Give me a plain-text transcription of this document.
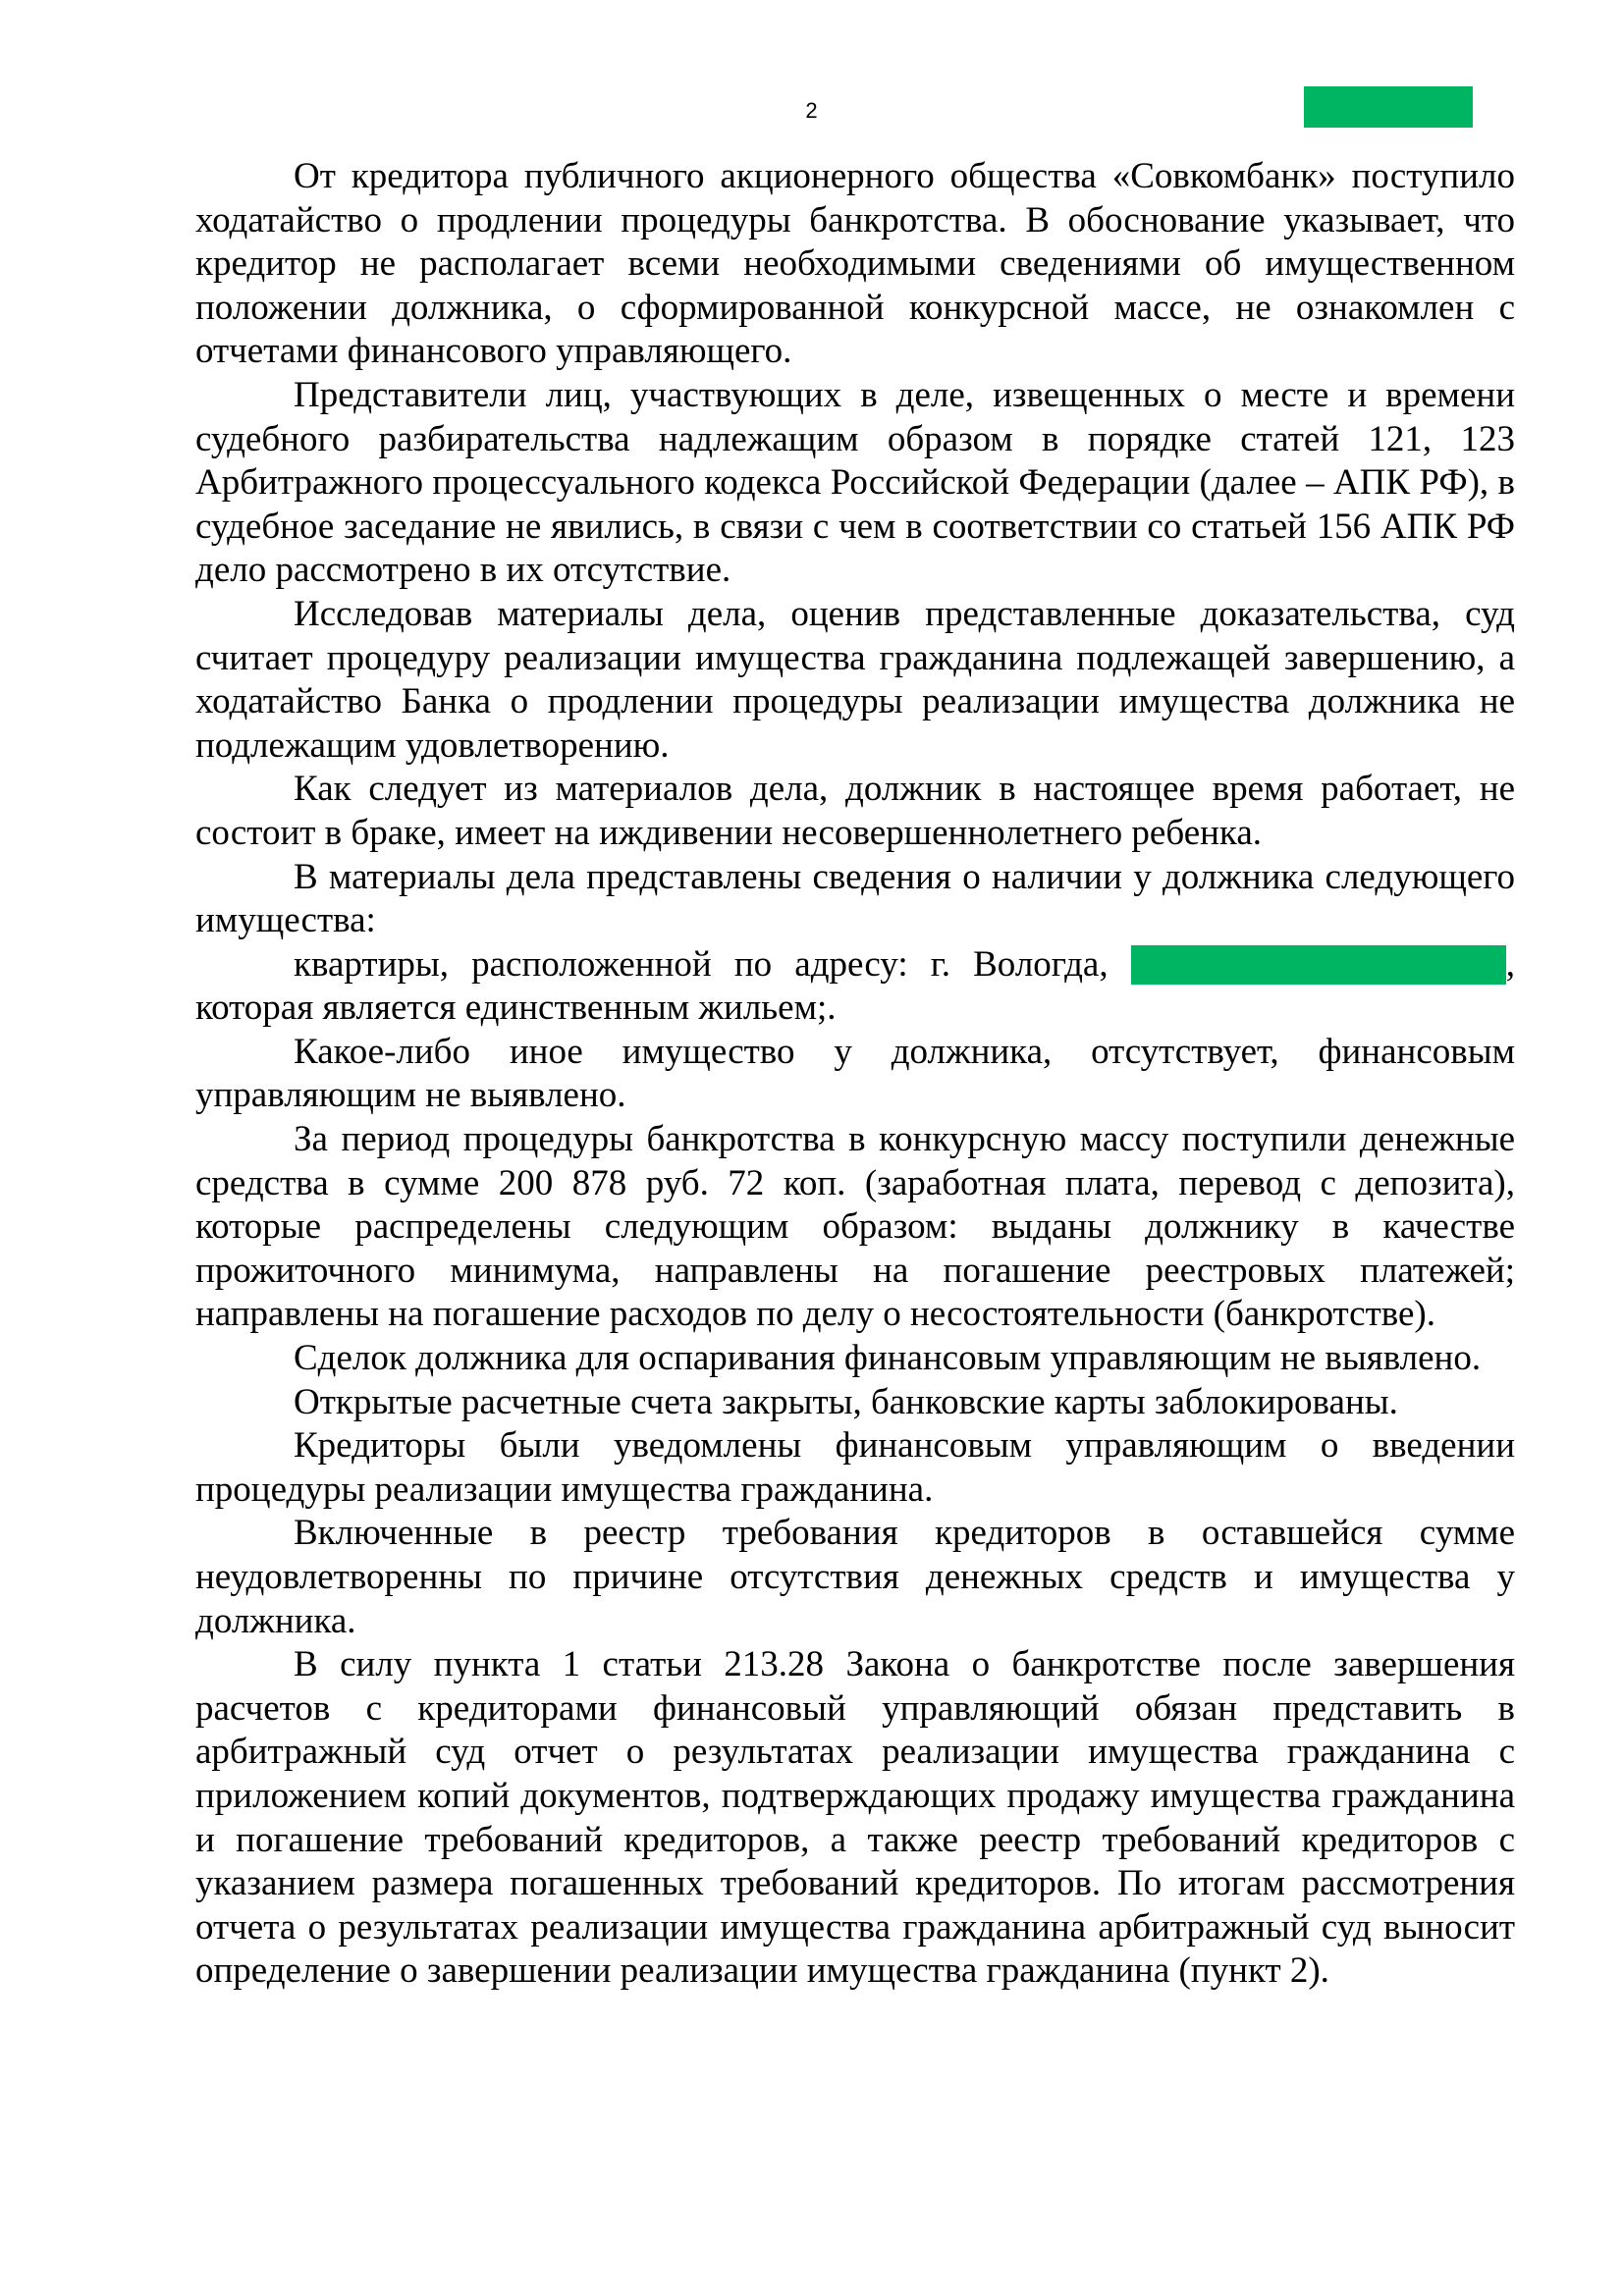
2

От кредитора публичного акционерного общества «Совкомбанк» поступило ходатайство о продлении процедуры банкротства. В обоснование указывает, что кредитор не располагает всеми необходимыми сведениями об имущественном положении должника, о сформированной конкурсной массе, не ознакомлен с отчетами финансового управляющего.

Представители лиц, участвующих в деле, извещенных о месте и времени судебного разбирательства надлежащим образом в порядке статей 121, 123 Арбитражного процессуального кодекса Российской Федерации (далее – АПК РФ), в судебное заседание не явились, в связи с чем в соответствии со статьей 156 АПК РФ дело рассмотрено в их отсутствие.

Исследовав материалы дела, оценив представленные доказательства, суд считает процедуру реализации имущества гражданина подлежащей завершению, а ходатайство Банка о продлении процедуры реализации имущества должника не подлежащим удовлетворению.

Как следует из материалов дела, должник в настоящее время работает, не состоит в браке, имеет на иждивении несовершеннолетнего ребенка.

В материалы дела представлены сведения о наличии у должника следующего имущества:

квартиры, расположенной по адресу: г. Вологда,	, которая является единственным жильем;.

Какое-либо иное имущество у должника, отсутствует, финансовым управляющим не выявлено.

За период процедуры банкротства в конкурсную массу поступили денежные средства в сумме 200 878 руб. 72 коп. (заработная плата, перевод с депозита), которые распределены следующим образом: выданы должнику в качестве прожиточного минимума, направлены на погашение реестровых платежей; направлены на погашение расходов по делу о несостоятельности (банкротстве).

Сделок должника для оспаривания финансовым управляющим не выявлено.

Открытые расчетные счета закрыты, банковские карты заблокированы.

Кредиторы были уведомлены финансовым управляющим о введении процедуры реализации имущества гражданина.

Включенные в реестр требования кредиторов в оставшейся сумме неудовлетворенны по причине отсутствия денежных средств и имущества у должника.

В силу пункта 1 статьи 213.28 Закона о банкротстве после завершения расчетов с кредиторами финансовый управляющий обязан представить в арбитражный суд отчет о результатах реализации имущества гражданина с приложением копий документов, подтверждающих продажу имущества гражданина и погашение требований кредиторов, а также реестр требований кредиторов с указанием размера погашенных требований кредиторов. По итогам рассмотрения отчета о результатах реализации имущества гражданина арбитражный суд выносит определение о завершении реализации имущества гражданина (пункт 2).
